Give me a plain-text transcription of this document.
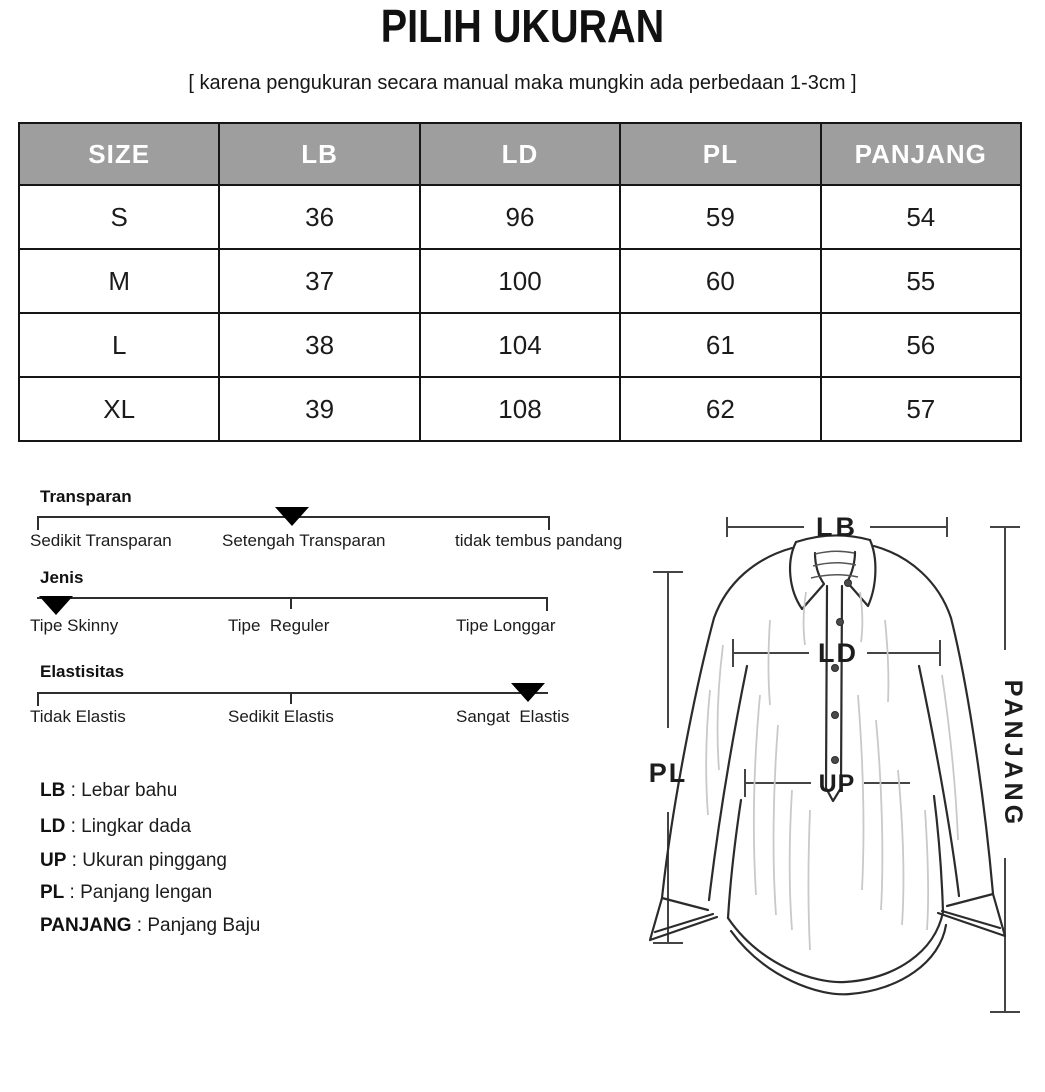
PILIH UKURAN
[ karena pengukuran secara manual maka mungkin ada perbedaan 1-3cm ]
SIZE	LB	LD	PL	PANJANG
S	36	96	59	54
M	37	100	60	55
L	38	104	61	56
XL	39	108	62	57
Transparan
Sedikit Transparan	Setengah Transparan	tidak tembus pandang
Jenis
Tipe Skinny	Tipe  Reguler	Tipe Longgar
Elastisitas
Tidak Elastis	Sedikit Elastis	Sangat  Elastis
LB : Lebar bahu
LD : Lingkar dada
UP : Ukuran pinggang
PL : Panjang lengan
PANJANG : Panjang Baju
LB
LD
UP
PL	PANJANG
